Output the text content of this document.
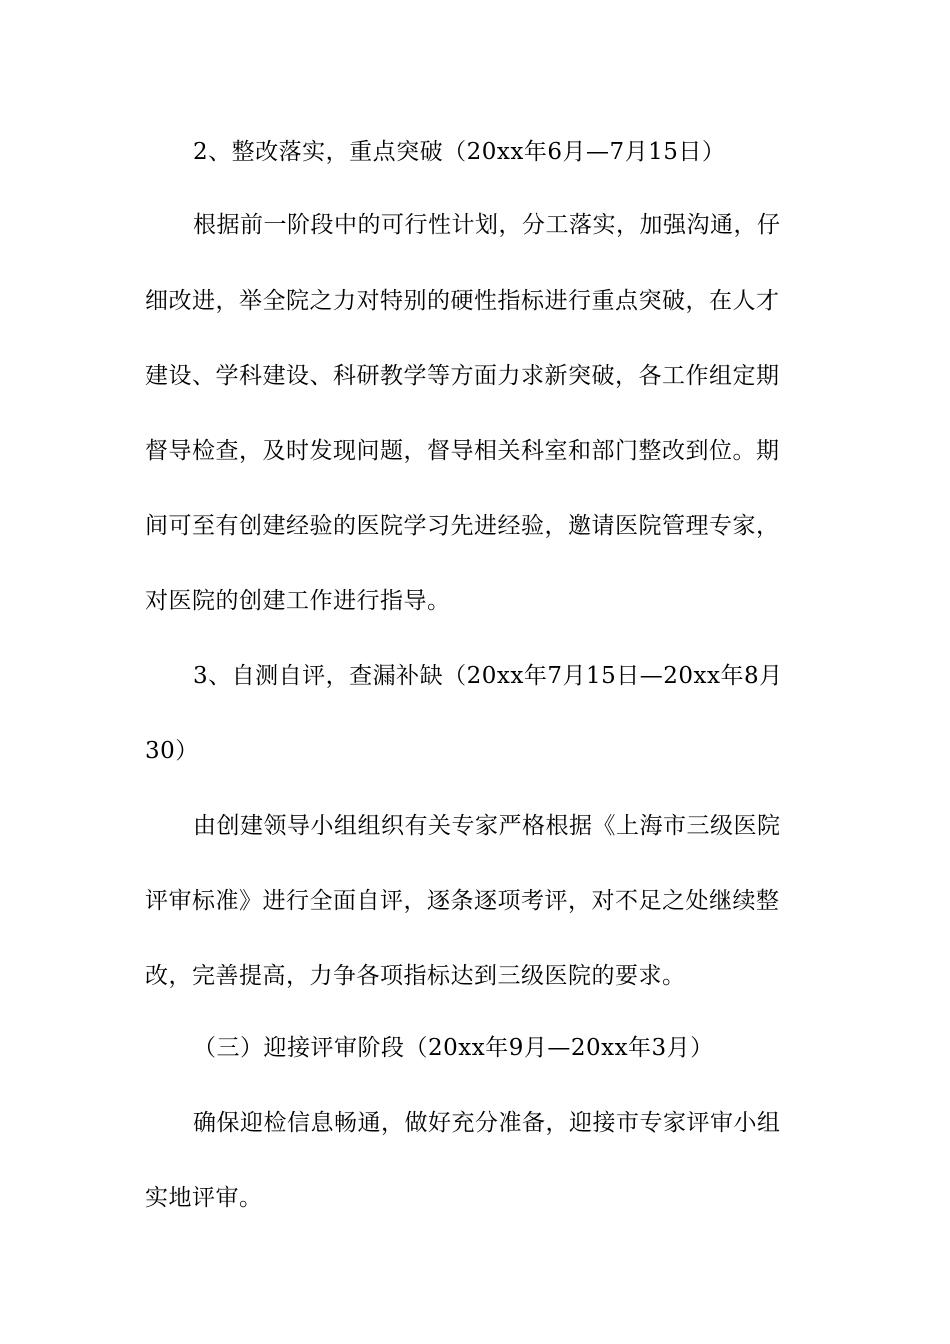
2、整改落实，重点突破（20xx年6月—7月15日）
根据前一阶段中的可行性计划，分工落实，加强沟通，仔
细改进，举全院之力对特别的硬性指标进行重点突破，在人才
建设、学科建设、科研教学等方面力求新突破，各工作组定期
督导检查，及时发现问题，督导相关科室和部门整改到位。期
间可至有创建经验的医院学习先进经验，邀请医院管理专家，
对医院的创建工作进行指导。
3、自测自评，查漏补缺（20xx年7月15日—20xx年8月
30）
由创建领导小组组织有关专家严格根据《上海市三级医院
评审标准》进行全面自评，逐条逐项考评，对不足之处继续整
改，完善提高，力争各项指标达到三级医院的要求。
（三）迎接评审阶段（20xx年9月—20xx年3月）
确保迎检信息畅通，做好充分准备，迎接市专家评审小组
实地评审。
